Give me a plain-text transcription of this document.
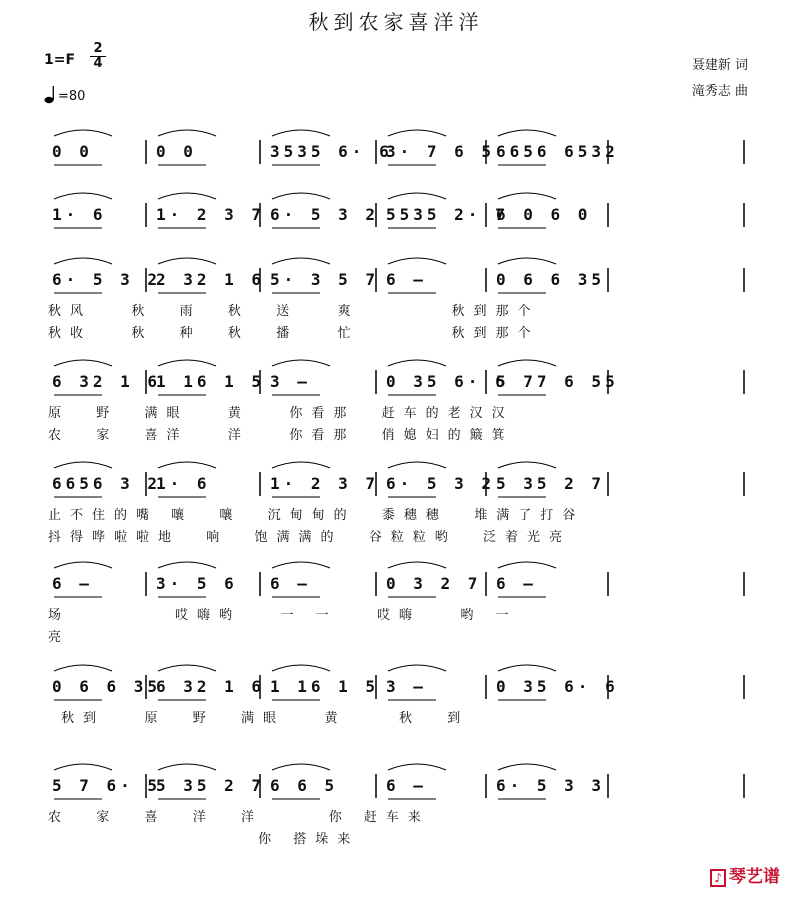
秋到农家喜洋洋
1=F
2
4
=80
聂建新 词
滝秀志 曲
0 0	0 0	3535 6· 6
3· 7 6 5 6656 6532
1· 6	1· 2 3 7 6· 5 3 2 5535 2· 7
6 0 6 0
6· 5 3 2
2 32 1 6 5· 3 5 7 6 –	0 6 6 35
秋风   秋  雨  秋  送   爽       秋到那个
秋收   秋  种  秋  播   忙       秋到那个
6 32 1 6
1 16 1 5 3 –	0 35 6· 6
5 77 6 55
原  野  满眼   黄   你看那  赶车的老汉汉
农  家  喜洋   洋   你看那  俏媳妇的簸箕
6656 3 2
1· 6	1· 2 3 7 6· 5 3 2 5 35 2 7
止不住的嘴 嚷  嚷  沉甸甸的  黍穗穗  堆满了打谷
抖得哗啦啦地  响  饱满满的  谷粒粒哟  泛着光亮
6 –	3· 5 6 6 –	0 3 2 7 6 –
场        哎嗨哟   一 一   哎嗨   哟 一
亮
0 6 6 35
6 32 1 6 1 16 1 5 3 –	0 35 6· 6
秋到   原  野  满眼   黄    秋  到
5 7 6· 5
5 35 2 7 6 6 5	6 –	6· 5 3 3
农  家  喜  洋  洋     你 赶车来
你 搭垛来
♪ 琴艺谱
